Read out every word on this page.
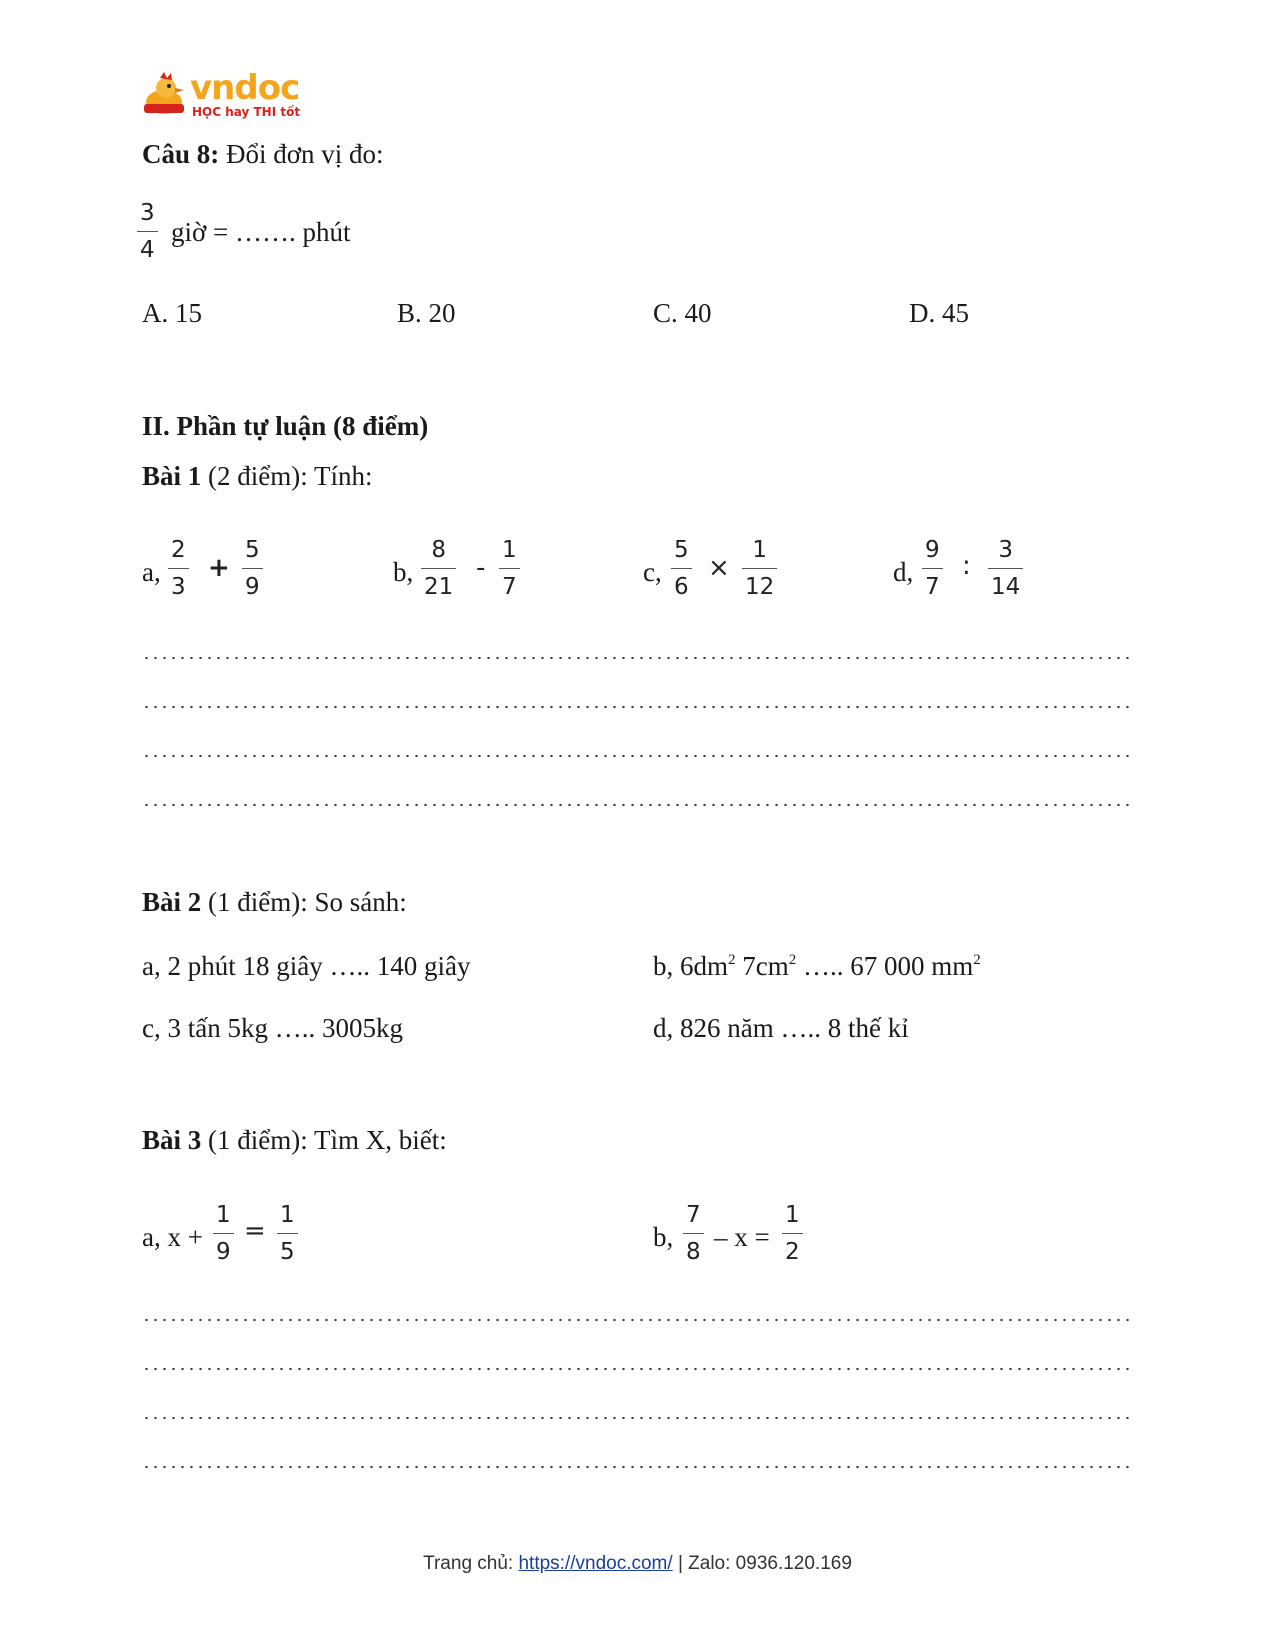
vndoc
HỌC hay THI tốt
Câu 8: Đổi đơn vị đo:
3
4
giờ = ……. phút
A. 15	B. 20	C. 40	D. 45
II. Phần tự luận (8 điểm)
Bài 1 (2 điểm): Tính:
a,
2
3
+
5
9	b,
8
21
-
1
7	c,
5
6
×
1
12	d,
9
7
:
3
14
Bài 2 (1 điểm): So sánh:
a, 2 phút 18 giây ….. 140 giây	b, $6dm^2$ $7cm^2$ ….. 67 000 $mm^2$
c, 3 tấn 5kg ….. 3005kg	d, 826 năm ….. 8 thế kỉ
Bài 3 (1 điểm): Tìm X, biết:
a, x +
1
9
=
1
5	b,
7
8 – x =
1
2
Trang chủ: https://vndoc.com/ | Zalo: 0936.120.169
